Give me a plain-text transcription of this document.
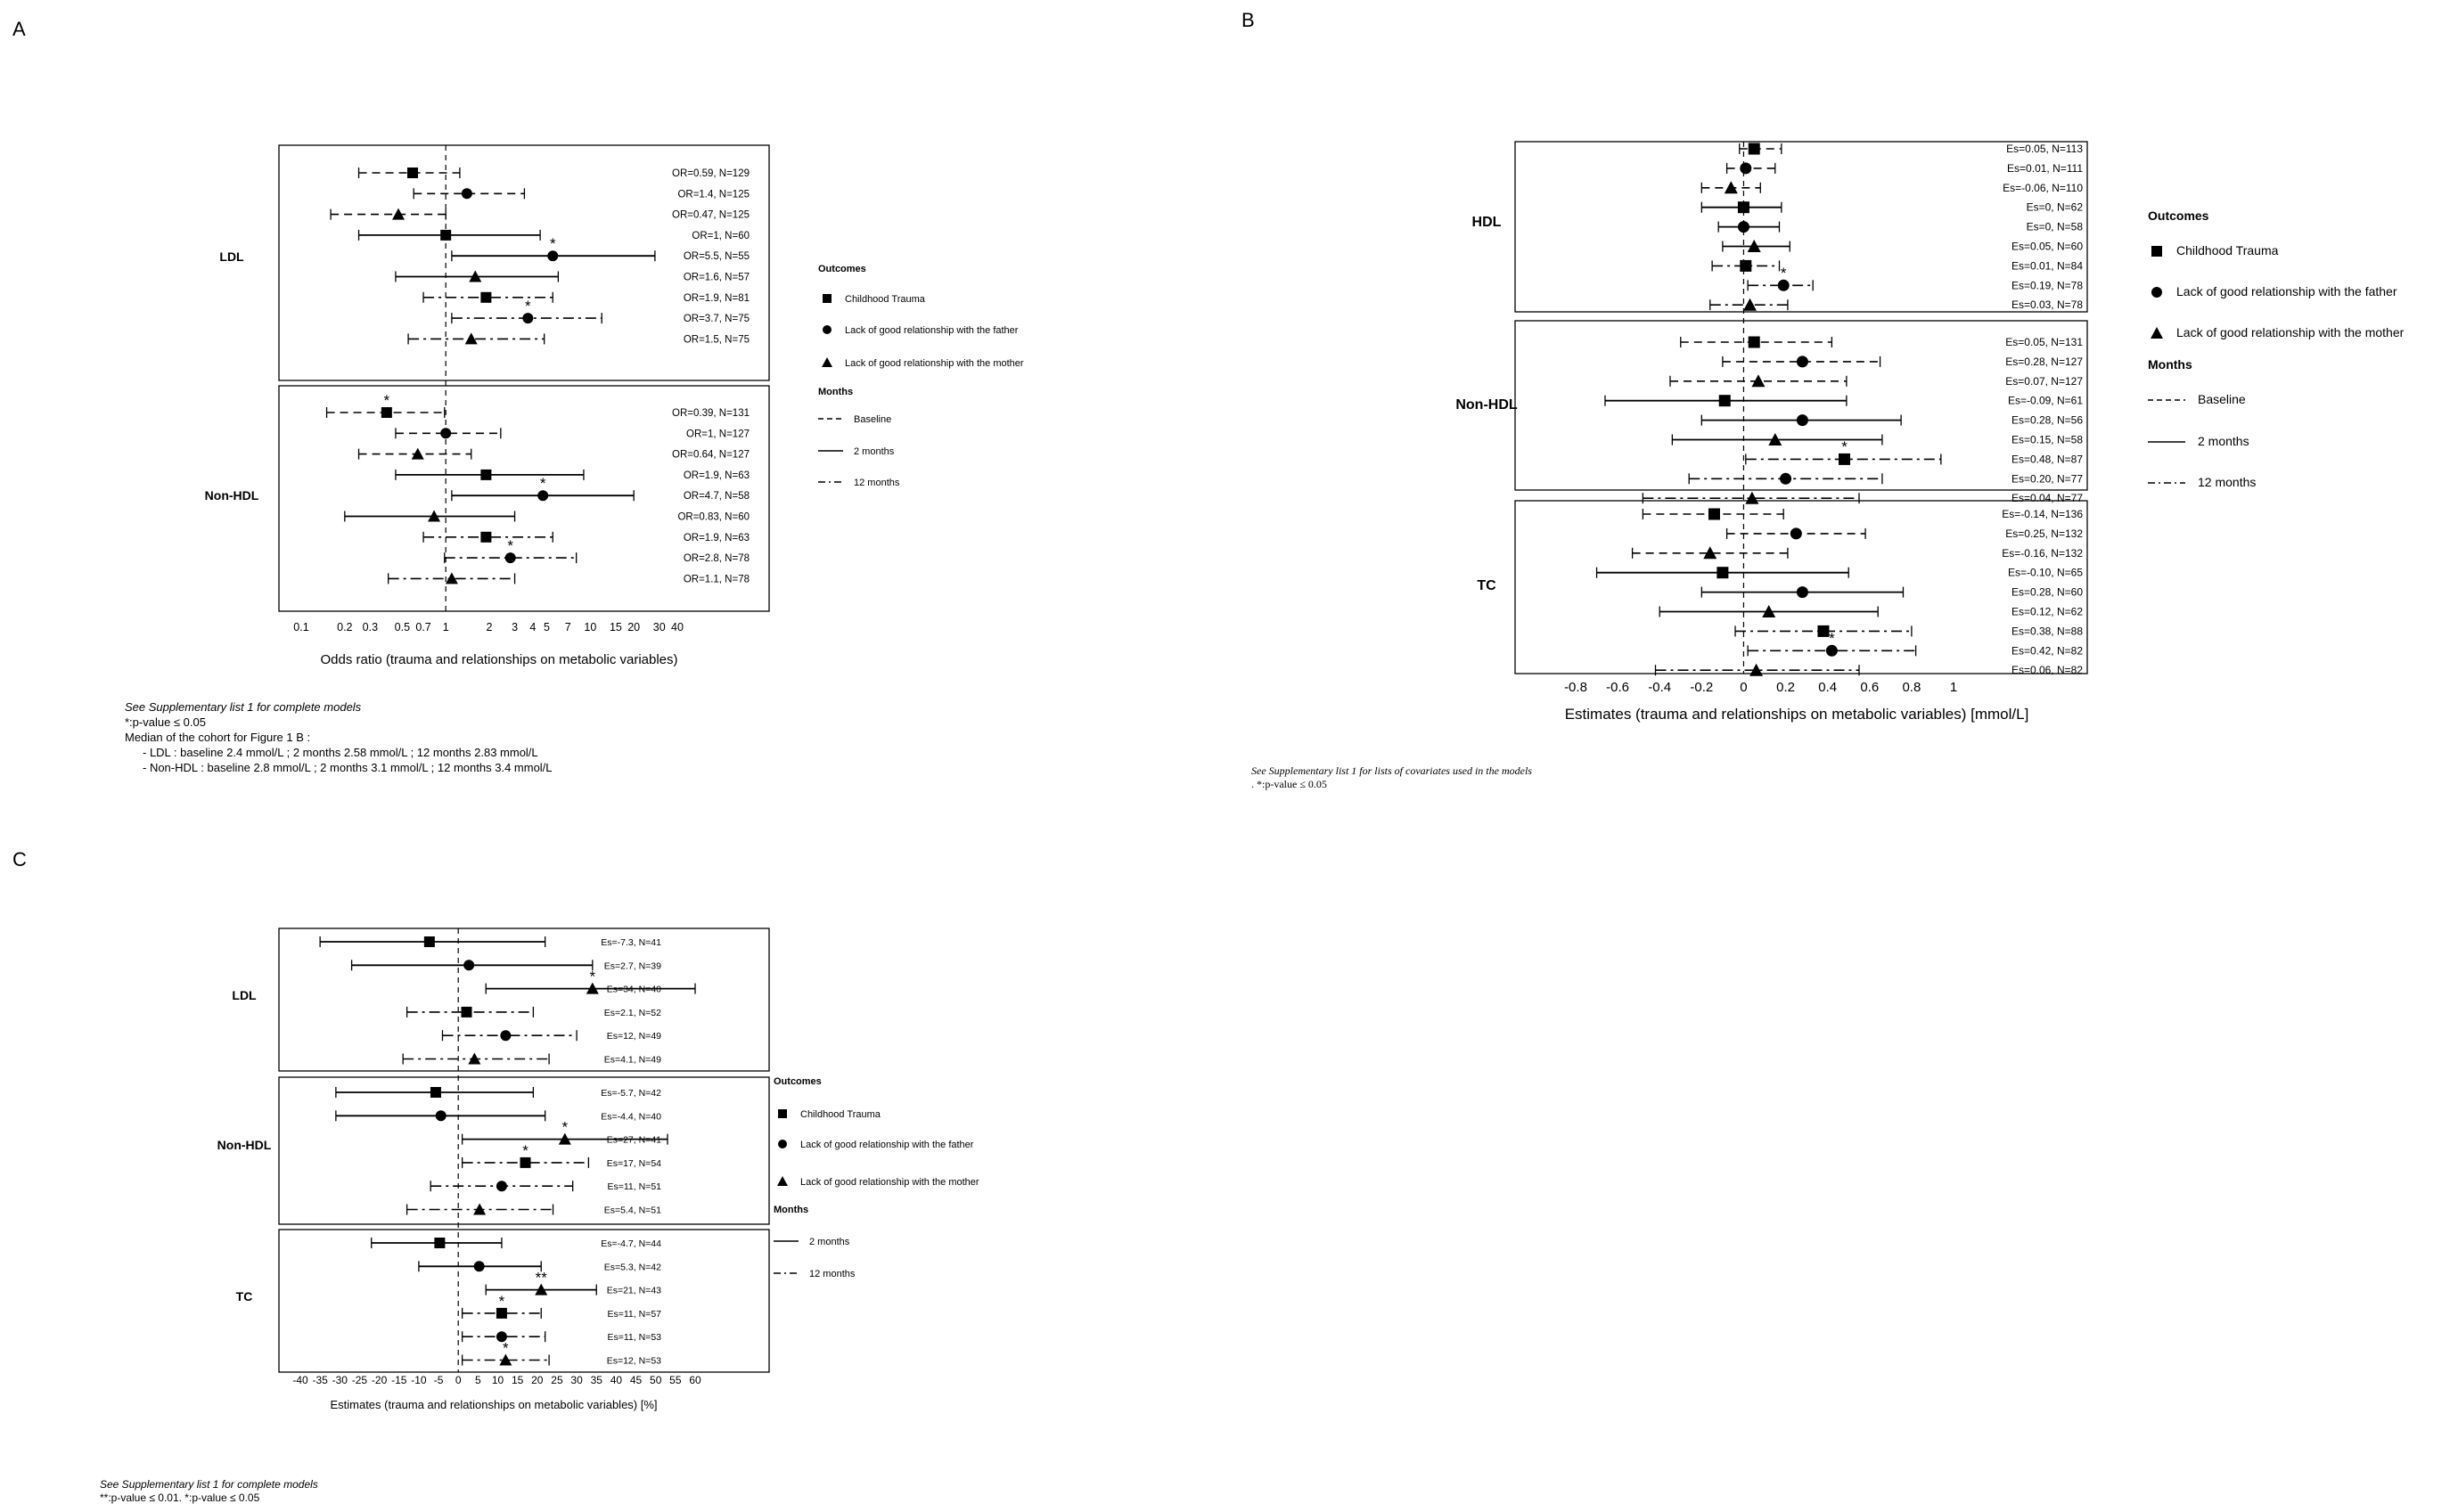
A
0.1	0.2 0.3 0.5 0.7 1	2 3 4 5 7 10 15 20 30 40
Odds ratio (trauma and relationships on metabolic variables)
LDL
OR=0.59, N=129
OR=1.4, N=125
OR=0.47, N=125
OR=1, N=60
*
OR=5.5, N=55
OR=1.6, N=57
OR=1.9, N=81
*
OR=3.7, N=75
OR=1.5, N=75
Non-HDL
*
OR=0.39, N=131
OR=1, N=127
OR=0.64, N=127
OR=1.9, N=63
*
OR=4.7, N=58
OR=0.83, N=60
OR=1.9, N=63
*
OR=2.8, N=78
OR=1.1, N=78
Outcomes
Childhood Trauma
Lack of good relationship with the father
Lack of good relationship with the mother
Months
Baseline
2 months
12 months
B
-0.8 -0.6 -0.4 -0.2 0 0.2 0.4 0.6 0.8 1
Estimates (trauma and relationships on metabolic variables) [mmol/L]
HDL
Es=0.05, N=113
Es=0.01, N=111
Es=-0.06, N=110
Es=0, N=62
Es=0, N=58
Es=0.05, N=60
Es=0.01, N=84
*
Es=0.19, N=78
Es=0.03, N=78
Non-HDL
Es=0.05, N=131
Es=0.28, N=127
Es=0.07, N=127
Es=-0.09, N=61
Es=0.28, N=56
Es=0.15, N=58
*
Es=0.48, N=87
Es=0.20, N=77
Es=0.04, N=77
TC
Es=-0.14, N=136
Es=0.25, N=132
Es=-0.16, N=132
Es=-0.10, N=65
Es=0.28, N=60
Es=0.12, N=62
Es=0.38, N=88
*
Es=0.42, N=82
Es=0.06, N=82
Outcomes
Childhood Trauma
Lack of good relationship with the father
Lack of good relationship with the mother
Months
Baseline
2 months
12 months
C
-40 -35 -30 -25 -20 -15 -10 -5 0 5 10 15 20 25 30 35 40 45 50 55 60
Estimates (trauma and relationships on metabolic variables) [%]
LDL
Es=-7.3, N=41
Es=2.7, N=39
*
Es=34, N=40
Es=2.1, N=52
Es=12, N=49
Es=4.1, N=49
Non-HDL
Es=-5.7, N=42
Es=-4.4, N=40
*
Es=27, N=41
*
Es=17, N=54
Es=11, N=51
Es=5.4, N=51
TC
Es=-4.7, N=44
Es=5.3, N=42
**
Es=21, N=43
*
Es=11, N=57
Es=11, N=53
*
Es=12, N=53
Outcomes
Childhood Trauma
Lack of good relationship with the father
Lack of good relationship with the mother
Months
2 months
12 months
See Supplementary list 1 for complete models
*:p-value ≤ 0.05
Median of the cohort for Figure 1 B :
- LDL : baseline 2.4 mmol/L ; 2 months 2.58 mmol/L ; 12 months 2.83 mmol/L
- Non-HDL : baseline 2.8 mmol/L ; 2 months 3.1 mmol/L ; 12 months 3.4 mmol/L	See Supplementary list 1 for lists of covariates used in the models
. *:p-value ≤ 0.05
See Supplementary list 1 for complete models
**:p-value ≤ 0.01. *:p-value ≤ 0.05
